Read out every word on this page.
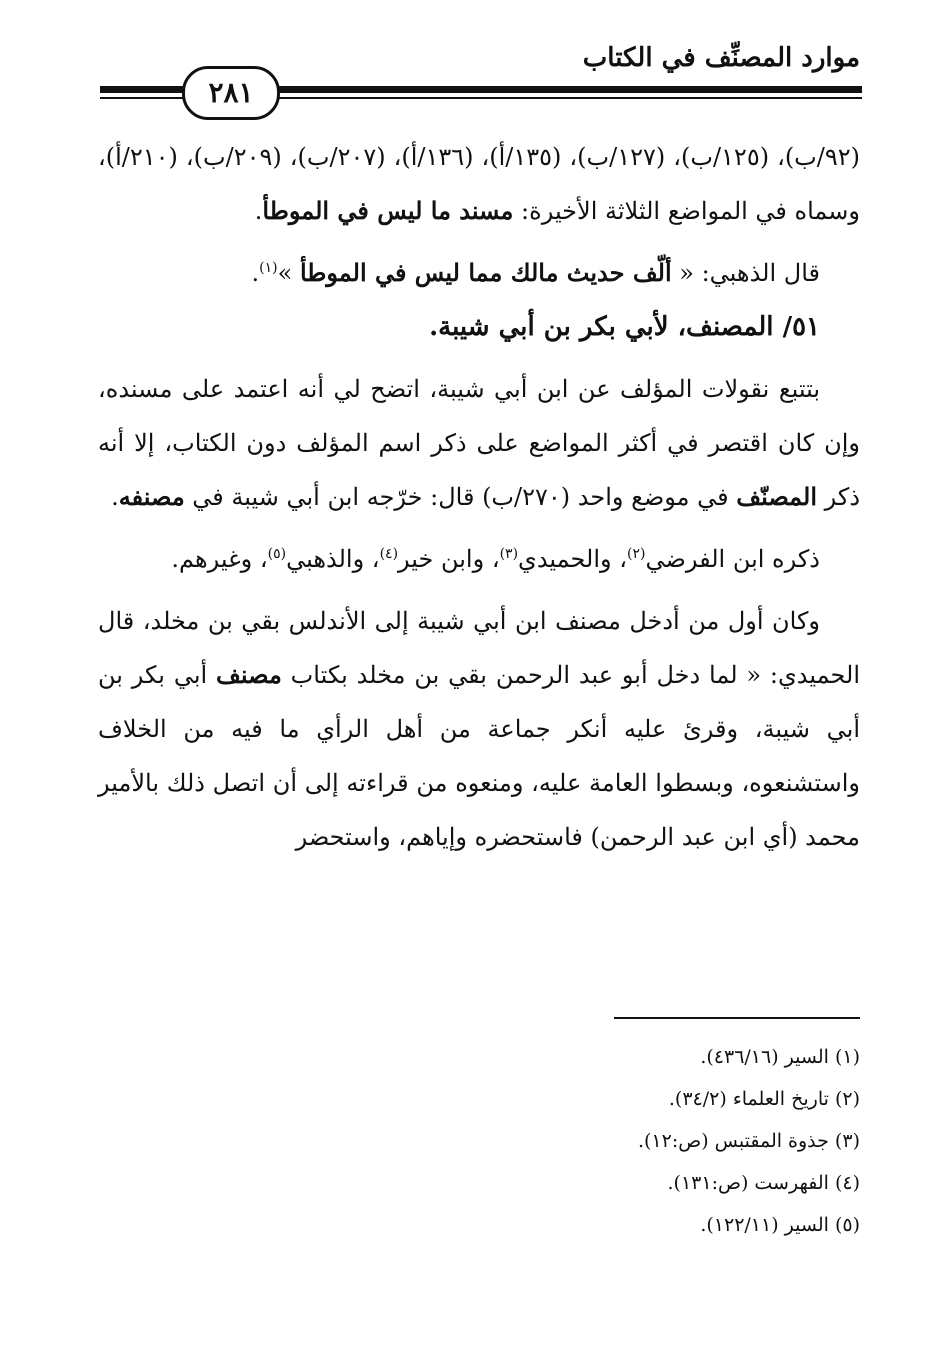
موارد المصنِّف في الكتاب
٢٨١

(٩٢/ب)، (١٢٥/ب)، (١٢٧/ب)، (١٣٥/أ)، (١٣٦/أ)، (٢٠٧/ب)، (٢٠٩/ب)، (٢١٠/أ)، وسماه في المواضع الثلاثة الأخيرة: مسند ما ليس في الموطأ.

قال الذهبي: « ألّف حديث مالك مما ليس في الموطأ »$^{(١)}$.

٥١/ المصنف، لأبي بكر بن أبي شيبة.

بتتبع نقولات المؤلف عن ابن أبي شيبة، اتضح لي أنه اعتمد على مسنده، وإن كان اقتصر في أكثر المواضع على ذكر اسم المؤلف دون الكتاب، إلا أنه ذكر المصنّف في موضع واحد (٢٧٠/ب) قال: خرّجه ابن أبي شيبة في مصنفه.

ذكره ابن الفرضي$^{(٢)}$، والحميدي$^{(٣)}$، وابن خير$^{(٤)}$، والذهبي$^{(٥)}$، وغيرهم.

وكان أول من أدخل مصنف ابن أبي شيبة إلى الأندلس بقي بن مخلد، قال الحميدي: « لما دخل أبو عبد الرحمن بقي بن مخلد بكتاب مصنف أبي بكر بن أبي شيبة، وقرئ عليه أنكر جماعة من أهل الرأي ما فيه من الخلاف واستشنعوه، وبسطوا العامة عليه، ومنعوه من قراءته إلى أن اتصل ذلك بالأمير محمد (أي ابن عبد الرحمن) فاستحضره وإياهم، واستحضر

(١) السير (٤٣٦/١٦).
(٢) تاريخ العلماء (٣٤/٢).
(٣) جذوة المقتبس (ص:١٢).
(٤) الفهرست (ص:١٣١).
(٥) السير (١٢٢/١١).
